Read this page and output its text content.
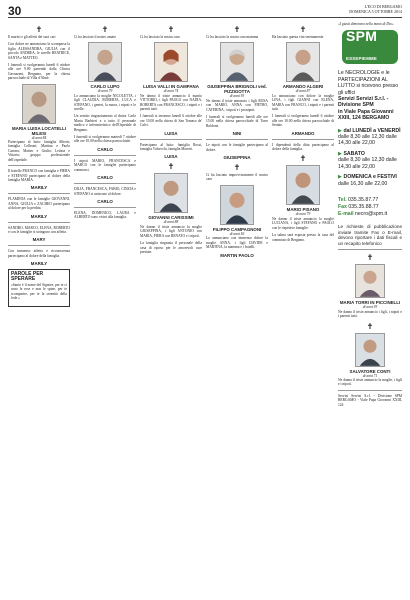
30	L'ECO DI BERGAMO
DOMENICA 5 OTTOBRE 2014
✝
Il marito e gli affetti dei suoi cari
Con dolore ne annunciano la scomparsa la figlia ALESSANDRA, GIULIA con il piccolo ANDREA, le sorelle BEATRICE, SANTA e MATTEO.
I funerali si svolgeranno lunedì 6 ottobre alle ore 9.00 partendo dalla Clinica Gavazzeni, Bergamo, per la chiesa parrocchiale di Villa d'Almè.
MARIA LUISA LOCATELLI MILESI
di anni 84
Partecipano al lutto: famiglia Alberti; famiglia Colleoni; Martina e Paolo Carrara; Matteo e Giulio; Letizia e Vittorio; gruppo professionale dell'ospedale.
Il fratello FRANCO con famiglia e PIERA e STEFANO partecipano al dolore della famiglia MARIA.
MARILY
FLAMINIA con le famiglie GIOVANNI, ANNA, GIULIA e ZACHEO partecipano al dolore per la perdita.
MARILY
SANDRO, MARCO, ELENA, ROBERTO e con le famiglie si stringono con affetto.
MARY
Con immenso affetto e riconoscenza partecipano al dolore della famiglia.
MARILY
PAROLE PER SPERARE
«Santo è il nome del Signore, per te ci sono le rose e non le spine, per te scomparire, per te la serenità della fede.»
✝
Ci ha lasciato il nostro amato
CARLO LUPO
di anni 79
Lo annunciano la moglie NICOLETTA, i figli CLAUDIA, ROBERTA, LUCA e STEFANO, i generi, la nuora, i nipoti e le sorelle.
Un sentito ringraziamento al dottor Carlo Maria Barbieri e a tutto il personale medico e infermieristico dell'Ospedale di Bergamo.
I funerali si svolgeranno martedì 7 ottobre alle ore 10.00 nella chiesa parrocchiale.
CARLO
I nipoti MARIO, FRANCESCA e MARCO con le famiglie partecipano commossi.
CARLO
DILIA, FRANCESCA, FABIO, CINZIA e STEFANO si uniscono al dolore.
CARLO
ELENA, DOMENICO, LAURA e ALBERTO sono vicini alla famiglia.
✝
Ci ha lasciato la nostra cara
LUISA VALLI IN GAMPANA
di anni 74
Ne danno il triste annuncio il marito VITTORIO, i figli PAOLO con NADIA, ROBERTA con FRANCESCO, i nipoti e i parenti tutti.
I funerali si terranno lunedì 6 ottobre alle ore 10.00 nella chiesa di San Tomaso de' Calvi.
LUISA
Partecipano al lutto: famiglia Rossi, famiglia Valsecchi, famiglia Moretti.
LUISA
✝
GIOVANNI CARISSIMI
di anni 88
Ne danno il triste annuncio la moglie GIUSEPPINA, i figli ANTONIO con MARIA, PIERA con RENATO e i nipoti.
La famiglia ringrazia il personale della casa di riposo per le amorevoli cure prestate.
✝
Ci ha lasciato la nostra cara mamma
GIUSEPPINA BRIGNOLI ved. PIZZIGOTTA
di anni 93
Ne danno il triste annuncio i figli ROSA con MARIO, ANNA con PIETRO, CATERINA, i nipoti e i pronipoti.
I funerali si svolgeranno lunedì alle ore 15.00 nella chiesa parrocchiale di Torre Boldone.
NINI
Le nipoti con le famiglie partecipano al dolore.
GIUSEPPINA
✝
Ci ha lasciato improvvisamente il nostro caro
FILIPPO CAMPAGNONI
di anni 56
Lo annunciano con immenso dolore la moglie ANNA, i figli DAVIDE e MARTINA, la mamma e i fratelli.
MARTIN PAOLO
✝
Ha lasciato questa vita serenamente
ARMANDO ALGERI
di anni 87
Lo annunciano con dolore la moglie LINA, i figli GIANNI con ELENA, MARIA con FRANCO, i nipoti e i parenti tutti.
I funerali si svolgeranno lunedì 6 ottobre alle ore 10.00 nella chiesa parrocchiale di Seriate.
ARMANDO
I dipendenti della ditta partecipano al dolore della famiglia.
✝
MARIO PISANO
di anni 79
Ne danno il triste annuncio la moglie LUCIANA, i figli STEFANO e PAOLO con le rispettive famiglie.
La salma sarà esposta presso la casa del commiato di Bergamo.
«I giusti dimorano nella mano di Dio»
SPM
ESSEPIEMME
Le NECROLOGIE e le PARTECIPAZIONI AL LUTTO si ricevono presso gli uffici
Servizi Servizi S.r.l. - Divisione SPM
in Viale Papa Giovanni XXIII, 124 BERGAMO
▶ dal LUNEDÌ a VENERDÌ
dalle 8,30 alle 12,30 dalle 14,30 alle 22,00
▶ SABATO
dalle 8,30 alle 12,30 dalle 14,30 alle 22,00
▶ DOMENICA e FESTIVI
dalle 16,30 alle 22,00
Tel. 035.35.87.77
Fax 035.35.88.77
E-mail necro@spm.it
Le richieste di pubblicazione inviate tramite Fax o E-mail, devono riportare i dati fiscali e un recapito telefonico
✝
MARIA TORRI IN PICCINELLI
di anni 93
Ne danno il triste annuncio i figli, i nipoti e i parenti tutti.
✝
SALVATORE CONTI
di anni 71
Ne danno il triste annuncio la moglie, i figli e i nipoti.
Servizi Servizi S.r.l. - Divisione SPM BERGAMO - Viale Papa Giovanni XXIII, 124
